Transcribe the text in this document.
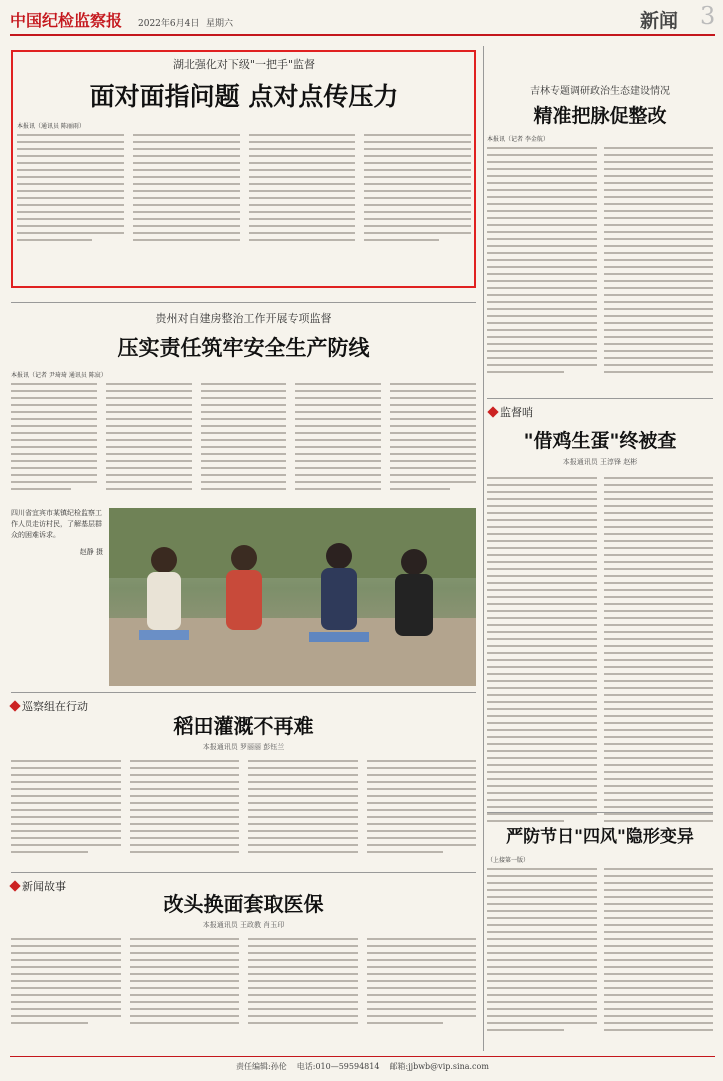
中国纪检监察报 2022年6月4日 星期六	新闻 3
湖北强化对下级"一把手"监督
面对面指问题 点对点传压力
本报讯（通讯员 陈丽雨）
吉林专题调研政治生态建设情况
精准把脉促整改
本报讯（记者 李金航）
贵州对自建房整治工作开展专项监督
压实责任筑牢安全生产防线
本报讯（记者 尹琦琦 通讯员 陈宸）
四川省宜宾市某镇纪检监察工作人员走访村民，了解基层群众的困难诉求。
赵静 摄
巡察组在行动
稻田灌溉不再难
本报通讯员 罗丽丽 彭钰兰
新闻故事
改头换面套取医保
本报通讯员 王政教 肖玉印
监督哨
"借鸡生蛋"终被查
本报通讯员 王淳锋 赵彬
严防节日"四风"隐形变异
（上接第一版）
责任编辑:孙伦 电话:010—59594814 邮箱:jjbwb@vip.sina.com
